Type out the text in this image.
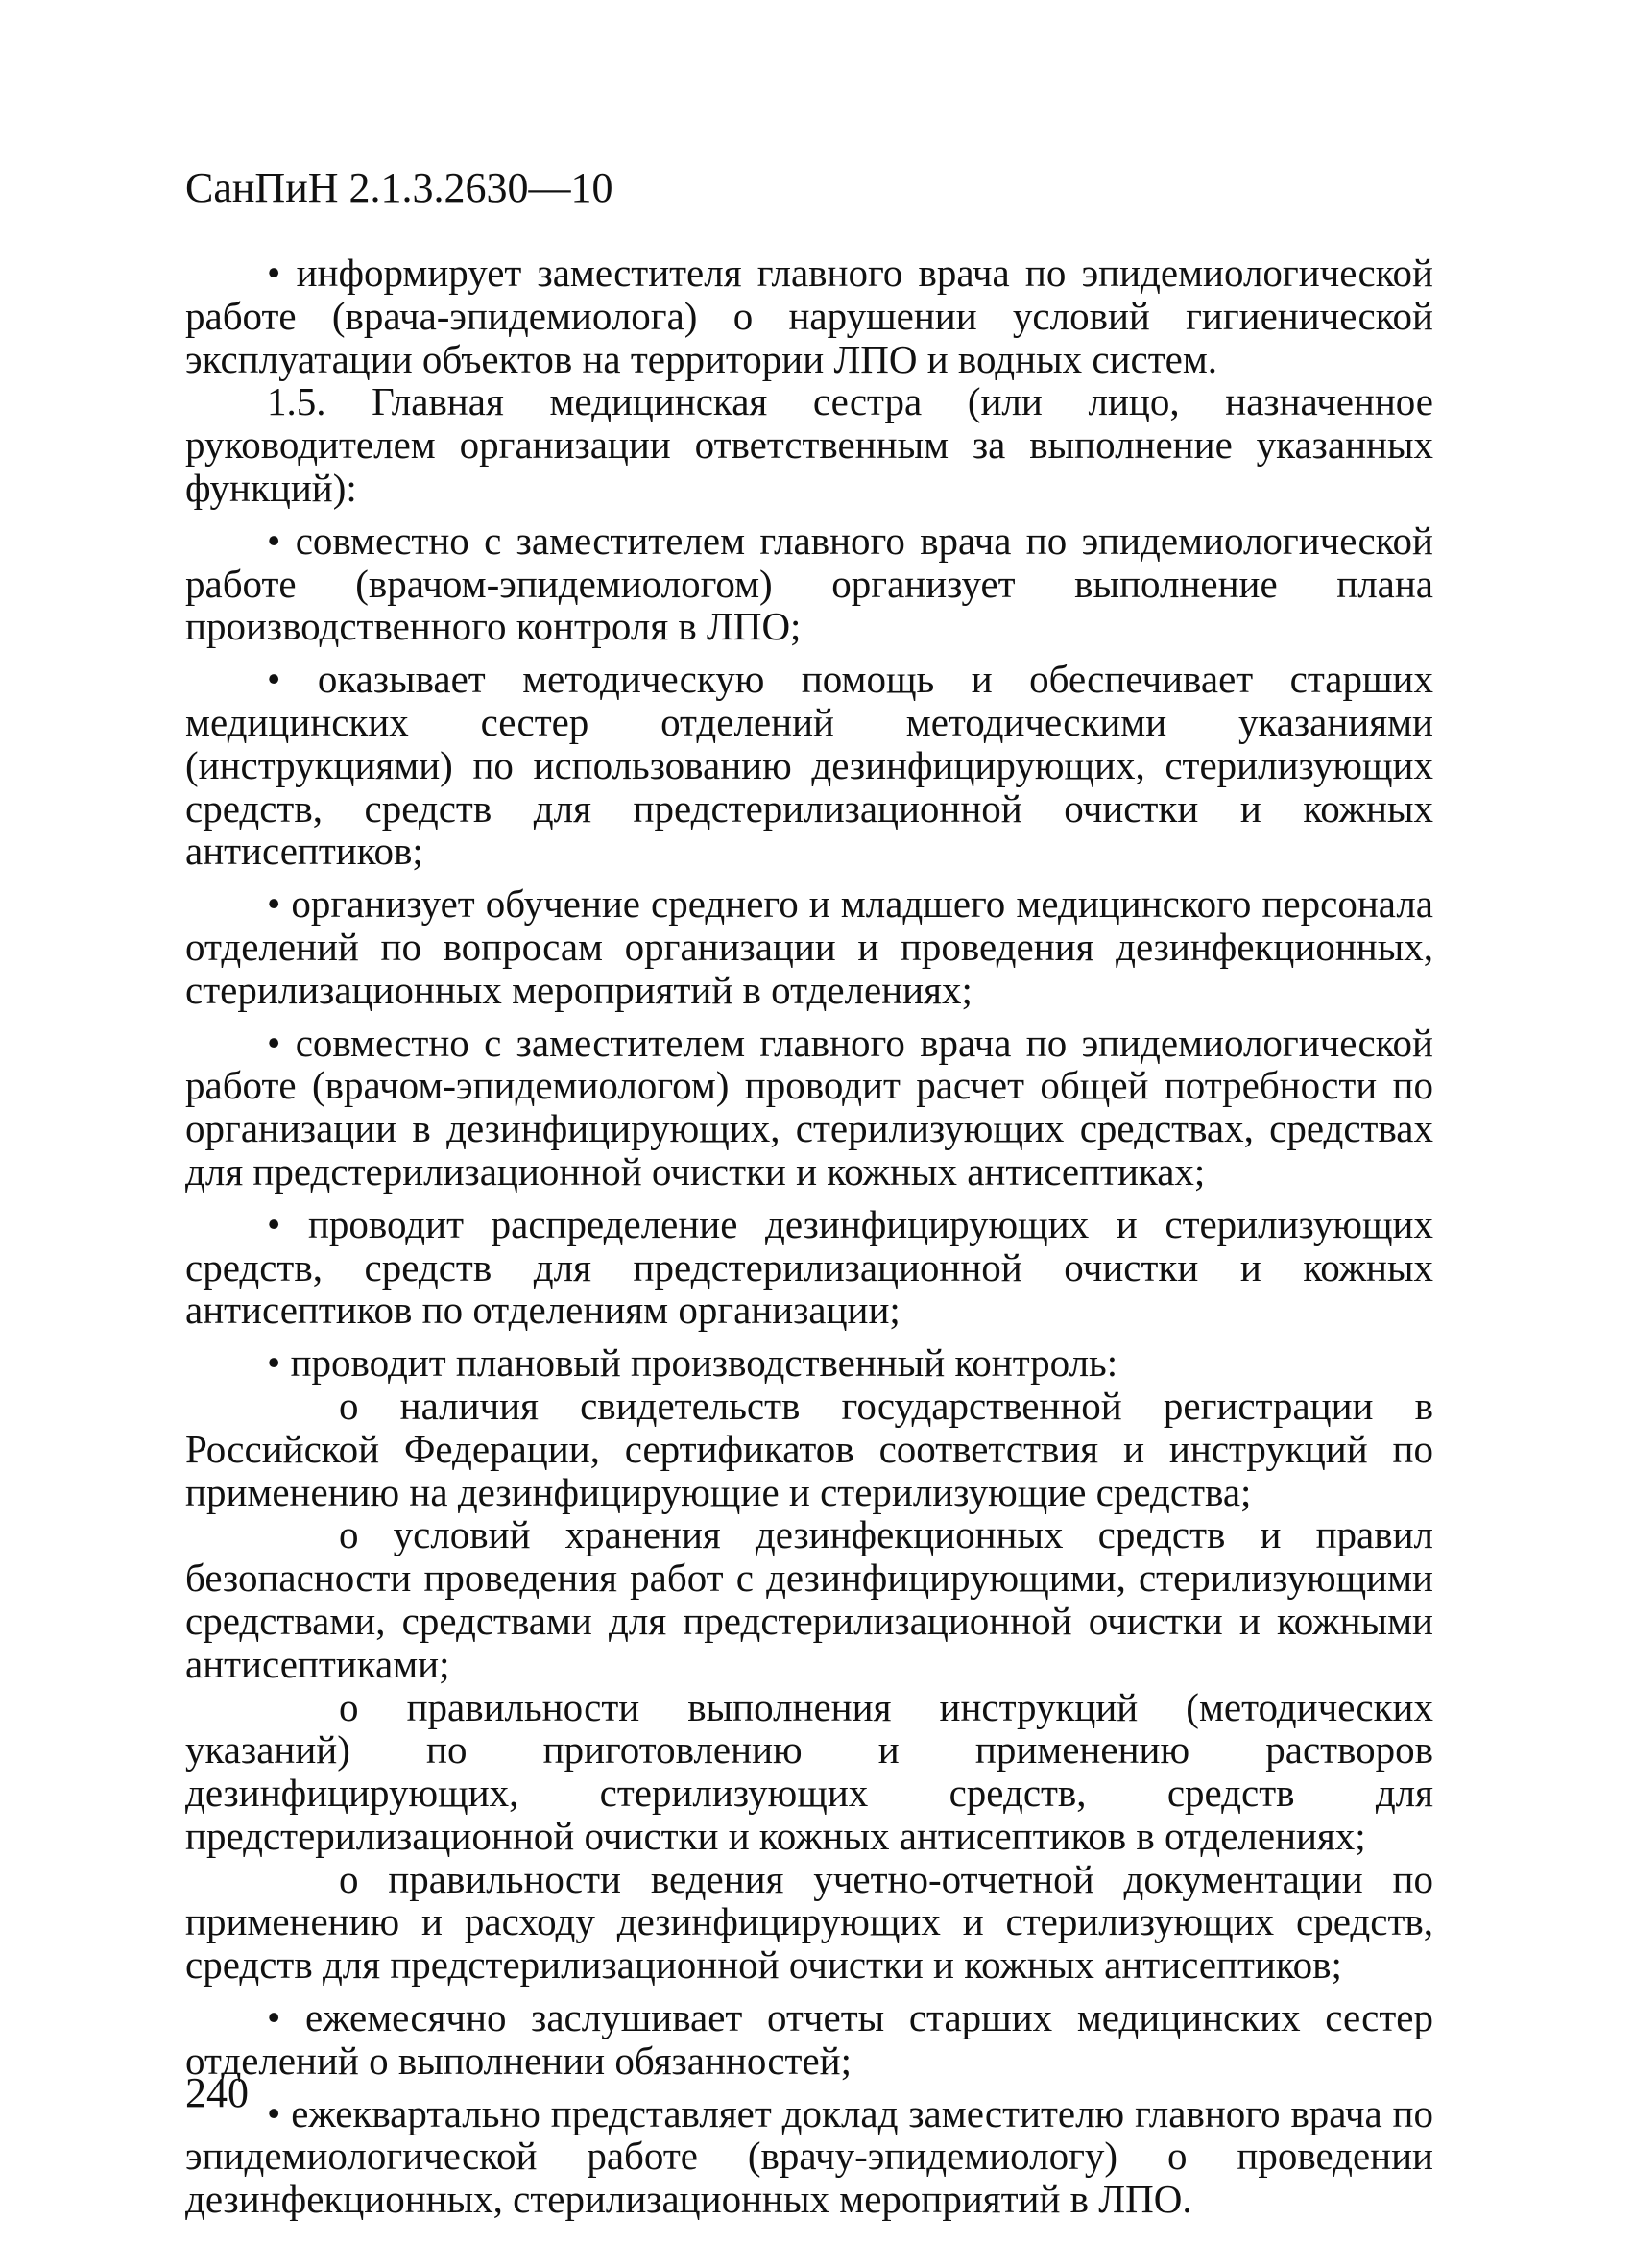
СанПиН 2.1.3.2630—10

• информирует заместителя главного врача по эпидемиологической работе (врача-эпидемиолога) о нарушении условий гигиенической эксплуатации объектов на территории ЛПО и водных систем.

1.5. Главная медицинская сестра (или лицо, назначенное руководителем организации ответственным за выполнение указанных функций):

• совместно с заместителем главного врача по эпидемиологической работе (врачом-эпидемиологом) организует выполнение плана производственного контроля в ЛПО;

• оказывает методическую помощь и обеспечивает старших медицинских сестер отделений методическими указаниями (инструкциями) по использованию дезинфицирующих, стерилизующих средств, средств для предстерилизационной очистки и кожных антисептиков;

• организует обучение среднего и младшего медицинского персонала отделений по вопросам организации и проведения дезинфекционных, стерилизационных мероприятий в отделениях;

• совместно с заместителем главного врача по эпидемиологической работе (врачом-эпидемиологом) проводит расчет общей потребности по организации в дезинфицирующих, стерилизующих средствах, средствах для предстерилизационной очистки и кожных антисептиках;

• проводит распределение дезинфицирующих и стерилизующих средств, средств для предстерилизационной очистки и кожных антисептиков по отделениям организации;

• проводит плановый производственный контроль:

о наличия свидетельств государственной регистрации в Российской Федерации, сертификатов соответствия и инструкций по применению на дезинфицирующие и стерилизующие средства;

о условий хранения дезинфекционных средств и правил безопасности проведения работ с дезинфицирующими, стерилизующими средствами, средствами для предстерилизационной очистки и кожными антисептиками;

о правильности выполнения инструкций (методических указаний) по приготовлению и применению растворов дезинфицирующих, стерилизующих средств, средств для предстерилизационной очистки и кожных антисептиков в отделениях;

о правильности ведения учетно-отчетной документации по применению и расходу дезинфицирующих и стерилизующих средств, средств для предстерилизационной очистки и кожных антисептиков;

• ежемесячно заслушивает отчеты старших медицинских сестер отделений о выполнении обязанностей;

• ежеквартально представляет доклад заместителю главного врача по эпидемиологической работе (врачу-эпидемиологу) о проведении дезинфекционных, стерилизационных мероприятий в ЛПО.

240
